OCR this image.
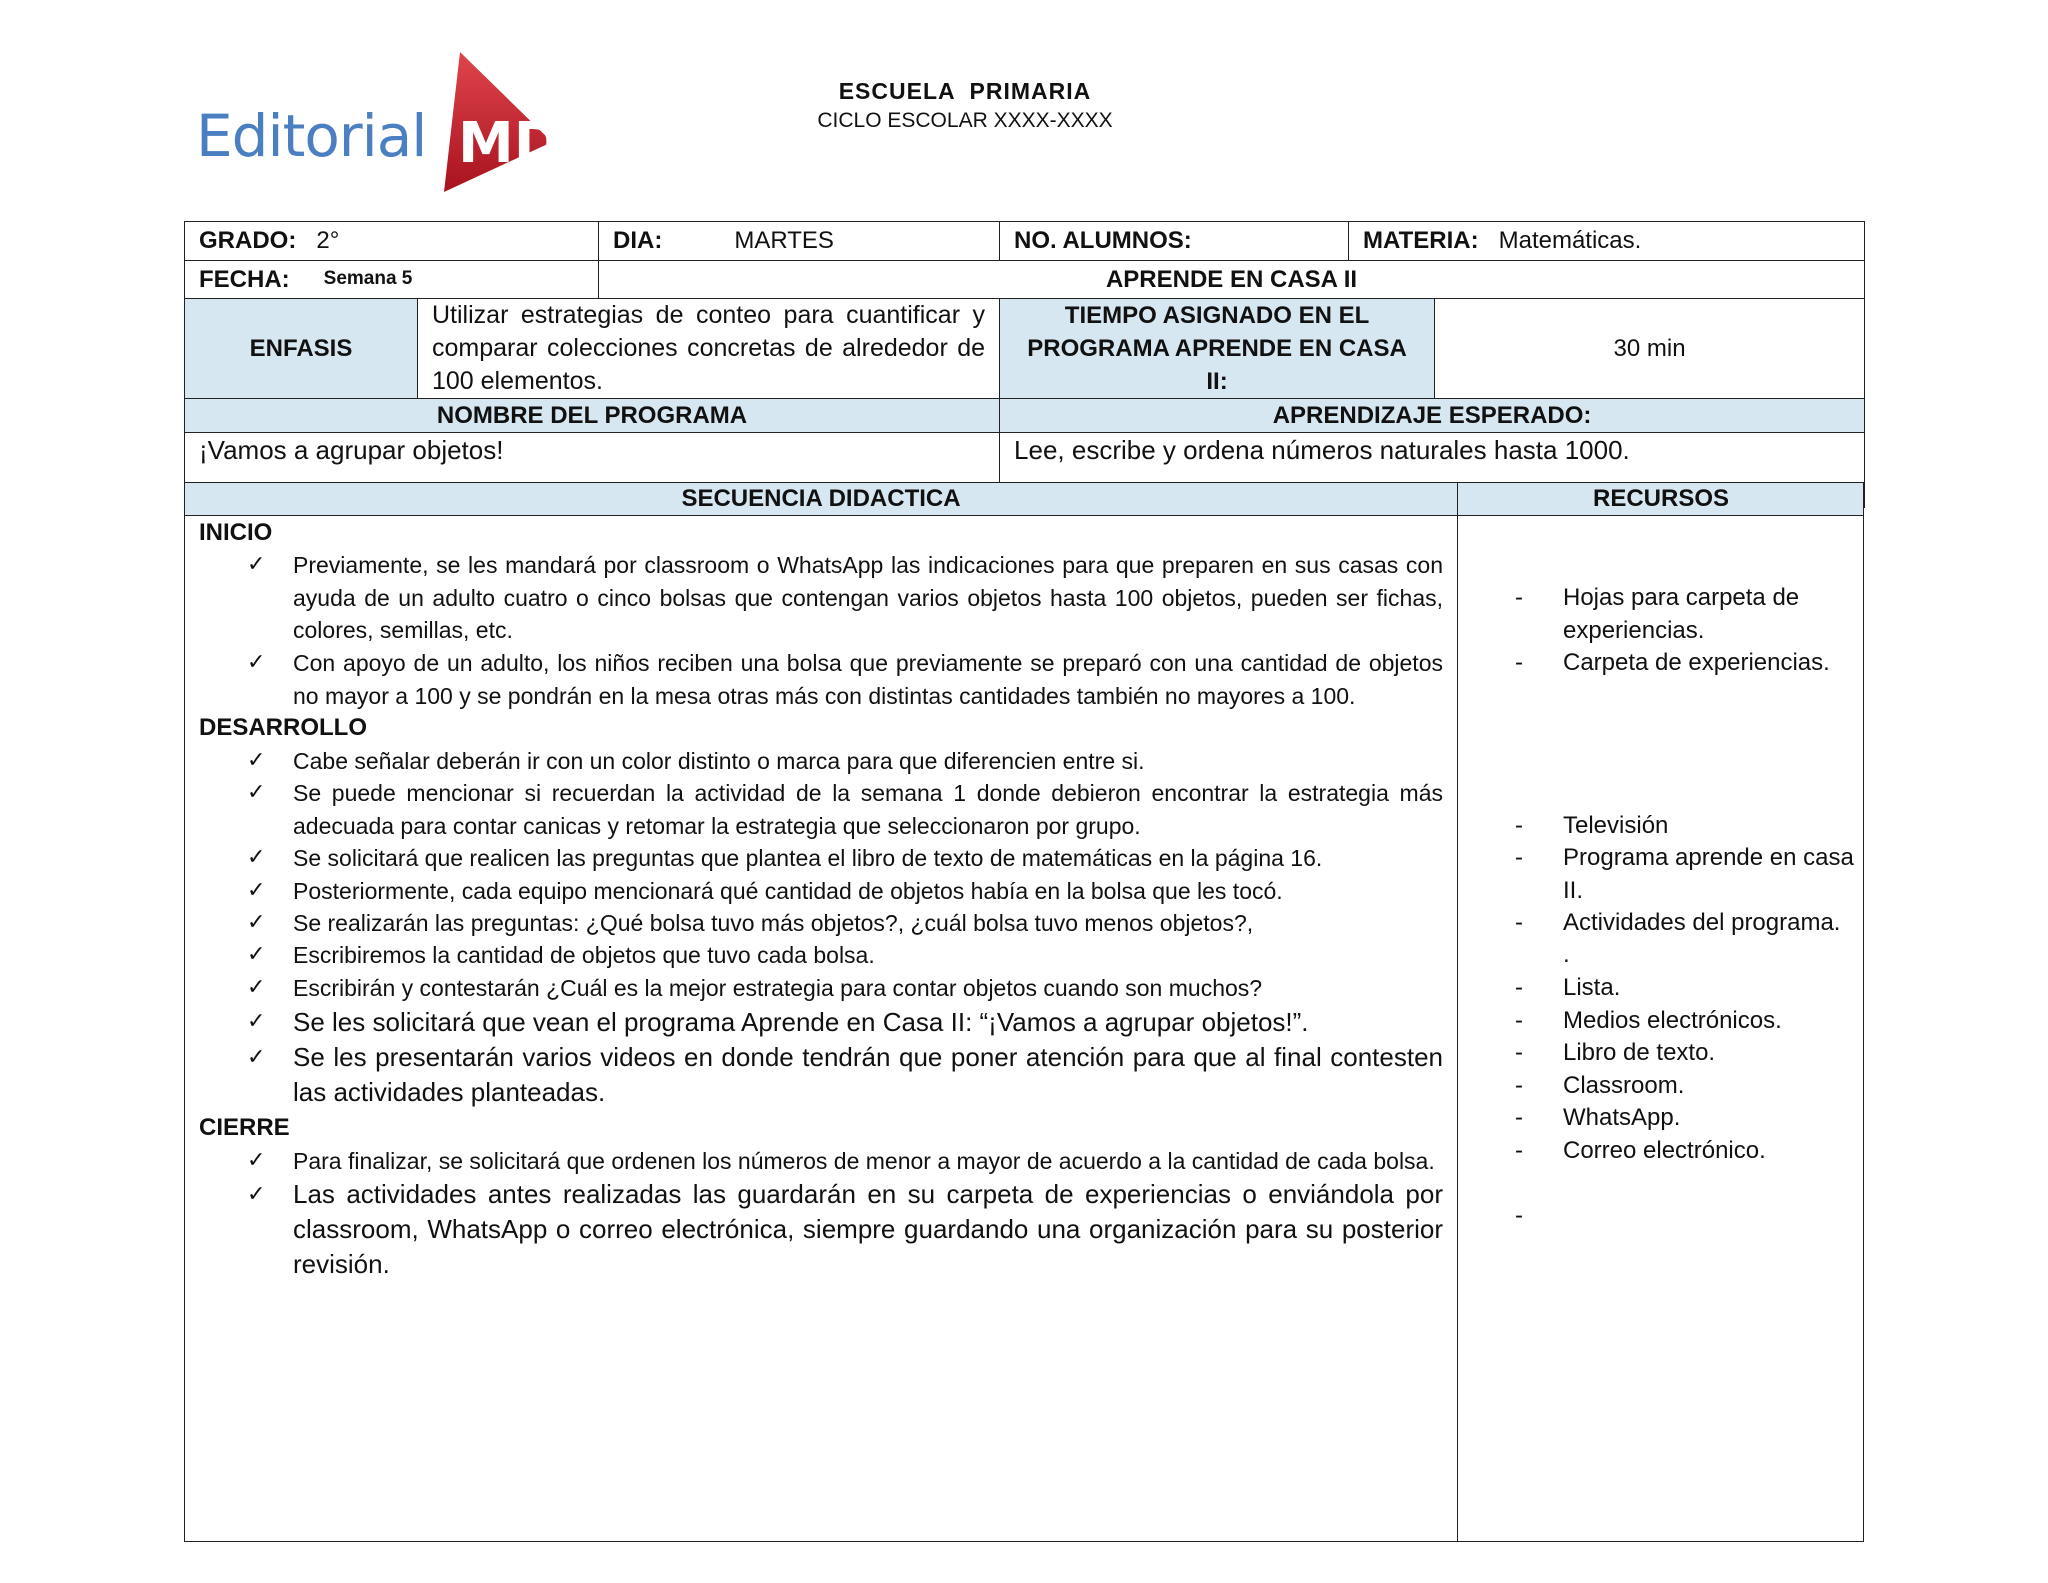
Editorial MD
ESCUELA  PRIMARIA
CICLO ESCOLAR XXXX-XXXX
GRADO: 2°		DIA: MARTES	NO. ALUMNOS:	MATERIA: Matemáticas.	
FECHA: Semana 5		APRENDE EN CASA II			
ENFASIS	Utilizar estrategias de conteo para cuantificar y comparar colecciones concretas de alrededor de 100 elementos.		TIEMPO ASIGNADO EN EL PROGRAMA APRENDE EN CASA II:		30 min
NOMBRE DEL PROGRAMA			APRENDIZAJE ESPERADO:		
¡Vamos a agrupar objetos!			Lee, escribe y ordena números naturales hasta 1000.		
SECUENCIA DIDACTICA	RECURSOS
INICIO
✓ Previamente, se les mandará por classroom o WhatsApp las indicaciones para que preparen en sus casas con ayuda de un adulto cuatro o cinco bolsas que contengan varios objetos hasta 100 objetos, pueden ser fichas, colores, semillas, etc.
✓ Con apoyo de un adulto, los niños reciben una bolsa que previamente se preparó con una cantidad de objetos no mayor a 100 y se pondrán en la mesa otras más con distintas cantidades también no mayores a 100.
DESARROLLO
✓ Cabe señalar deberán ir con un color distinto o marca para que diferencien entre si.
✓ Se puede mencionar si recuerdan la actividad de la semana 1 donde debieron encontrar la estrategia más adecuada para contar canicas y retomar la estrategia que seleccionaron por grupo.
✓ Se solicitará que realicen las preguntas que plantea el libro de texto de matemáticas en la página 16.
✓ Posteriormente, cada equipo mencionará qué cantidad de objetos había en la bolsa que les tocó.
✓ Se realizarán las preguntas: ¿Qué bolsa tuvo más objetos?, ¿cuál bolsa tuvo menos objetos?,
✓ Escribiremos la cantidad de objetos que tuvo cada bolsa.
✓ Escribirán y contestarán ¿Cuál es la mejor estrategia para contar objetos cuando son muchos?
✓ Se les solicitará que vean el programa Aprende en Casa II: “¡Vamos a agrupar objetos!”.
✓ Se les presentarán varios videos en donde tendrán que poner atención para que al final contesten las actividades planteadas.
CIERRE
✓ Para finalizar, se solicitará que ordenen los números de menor a mayor de acuerdo a la cantidad de cada bolsa.
✓ Las actividades antes realizadas las guardarán en su carpeta de experiencias o enviándola por classroom, WhatsApp o correo electrónica, siempre guardando una organización para su posterior revisión.
- Hojas para carpeta de experiencias.
- Carpeta de experiencias.
- Televisión
- Programa aprende en casa II.
- Actividades del programa.
.
- Lista.
- Medios electrónicos.
- Libro de texto.
- Classroom.
- WhatsApp.
- Correo electrónico.
-
